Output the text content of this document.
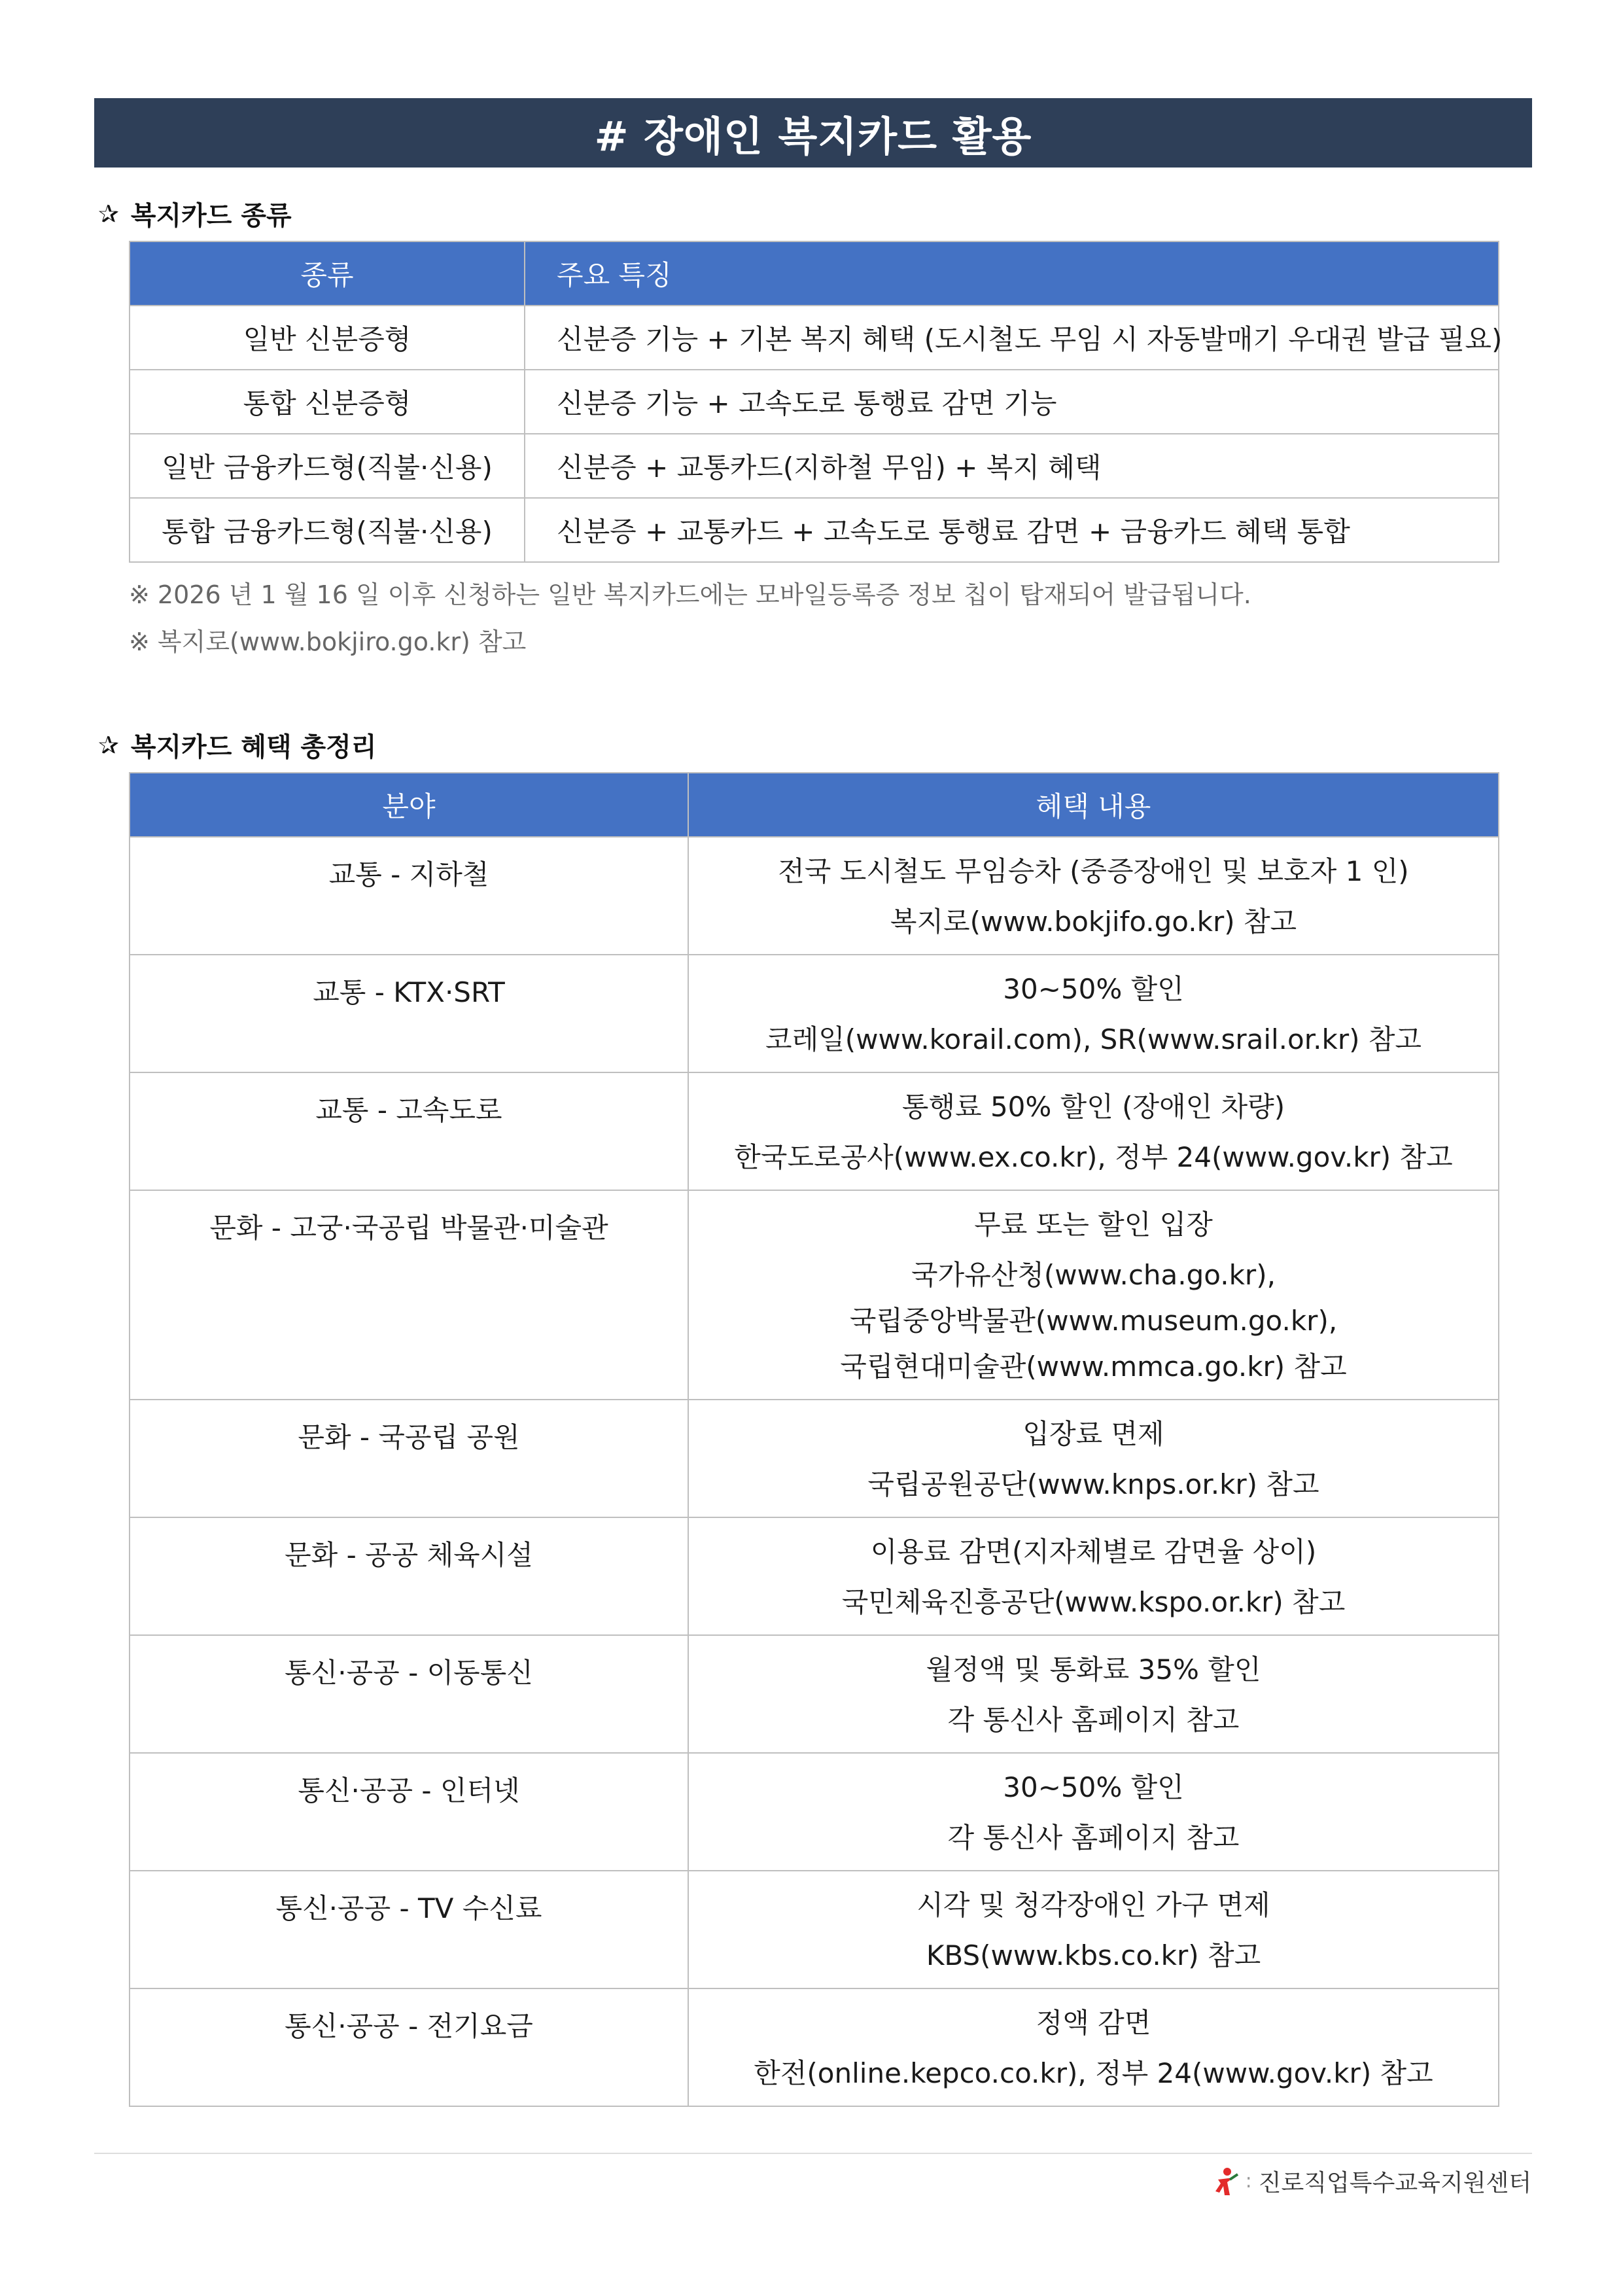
# 장애인 복지카드 활용
✰ 복지카드 종류
종류	주요 특징
일반 신분증형	신분증 기능 + 기본 복지 혜택 (도시철도 무임 시 자동발매기 우대권 발급 필요)
통합 신분증형	신분증 기능 + 고속도로 통행료 감면 기능
일반 금융카드형(직불·신용)	신분증 + 교통카드(지하철 무임) + 복지 혜택
통합 금융카드형(직불·신용)	신분증 + 교통카드 + 고속도로 통행료 감면 + 금융카드 혜택 통합
※ 2026 년 1 월 16 일 이후 신청하는 일반 복지카드에는 모바일등록증 정보 칩이 탑재되어 발급됩니다.
※ 복지로(www.bokjiro.go.kr) 참고
✰ 복지카드 혜택 총정리
분야	혜택 내용
교통 - 지하철	전국 도시철도 무임승차 (중증장애인 및 보호자 1 인)
복지로(www.bokjifo.go.kr) 참고

교통 - KTX·SRT	30~50% 할인
코레일(www.korail.com), SR(www.srail.or.kr) 참고

교통 - 고속도로	통행료 50% 할인 (장애인 차량)
한국도로공사(www.ex.co.kr), 정부 24(www.gov.kr) 참고

문화 - 고궁·국공립 박물관·미술관	무료 또는 할인 입장
국가유산청(www.cha.go.kr),
국립중앙박물관(www.museum.go.kr),
국립현대미술관(www.mmca.go.kr) 참고

문화 - 국공립 공원	입장료 면제
국립공원공단(www.knps.or.kr) 참고

문화 - 공공 체육시설	이용료 감면(지자체별로 감면율 상이)
국민체육진흥공단(www.kspo.or.kr) 참고

통신·공공 - 이동통신	월정액 및 통화료 35% 할인
각 통신사 홈페이지 참고

통신·공공 - 인터넷	30~50% 할인
각 통신사 홈페이지 참고

통신·공공 - TV 수신료	시각 및 청각장애인 가구 면제
KBS(www.kbs.co.kr) 참고

통신·공공 - 전기요금	정액 감면
한전(online.kepco.co.kr), 정부 24(www.gov.kr) 참고
: 진로직업특수교육지원센터
